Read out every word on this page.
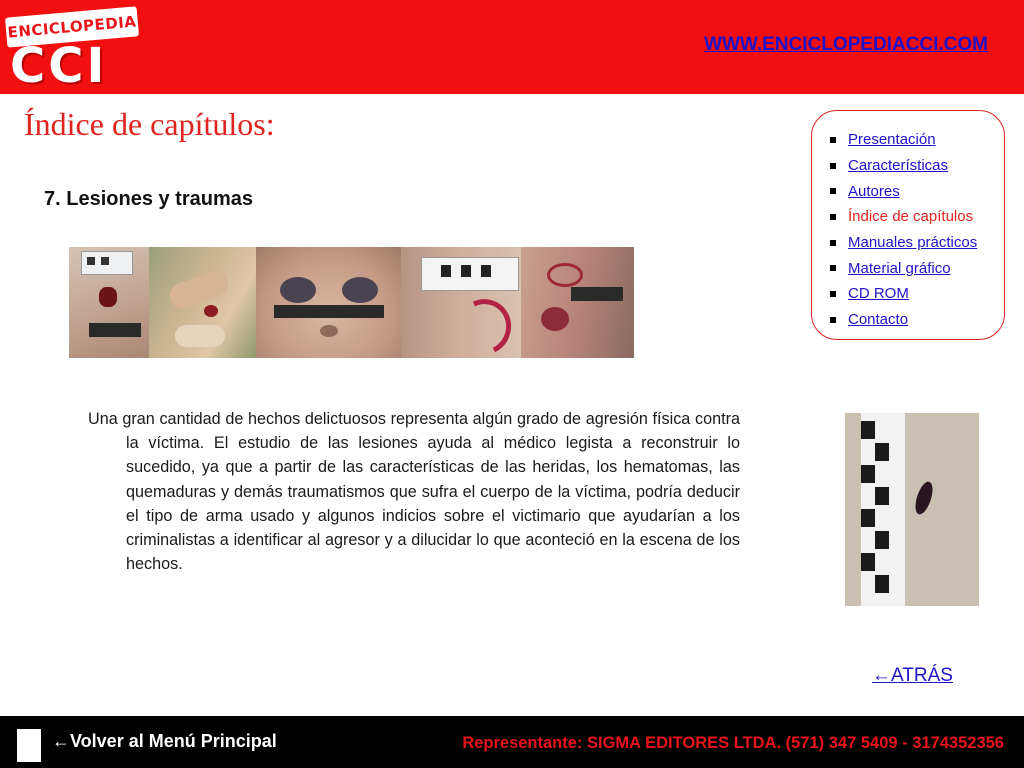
ENCICLOPEDIA
CCI	WWW.ENCICLOPEDIACCI.COM
Índice de capítulos:
7. Lesiones y traumas
Presentación
Características
Autores
Índice de capítulos
Manuales prácticos
Material gráfico
CD ROM
Contacto

Una gran cantidad de hechos delictuosos representa algún grado de agresión física contra la víctima. El estudio de las lesiones ayuda al médico legista a reconstruir lo sucedido, ya que a partir de las características de las heridas, los hematomas, las quemaduras y demás traumatismos que sufra el cuerpo de la víctima, podría deducir el tipo de arma usado y algunos indicios sobre el victimario que ayudarían a los criminalistas a identificar al agresor y a dilucidar lo que aconteció en la escena de los hechos.

←ATRÁS
←Volver al Menú Principal	Representante: SIGMA EDITORES LTDA. (571) 347 5409 - 3174352356
